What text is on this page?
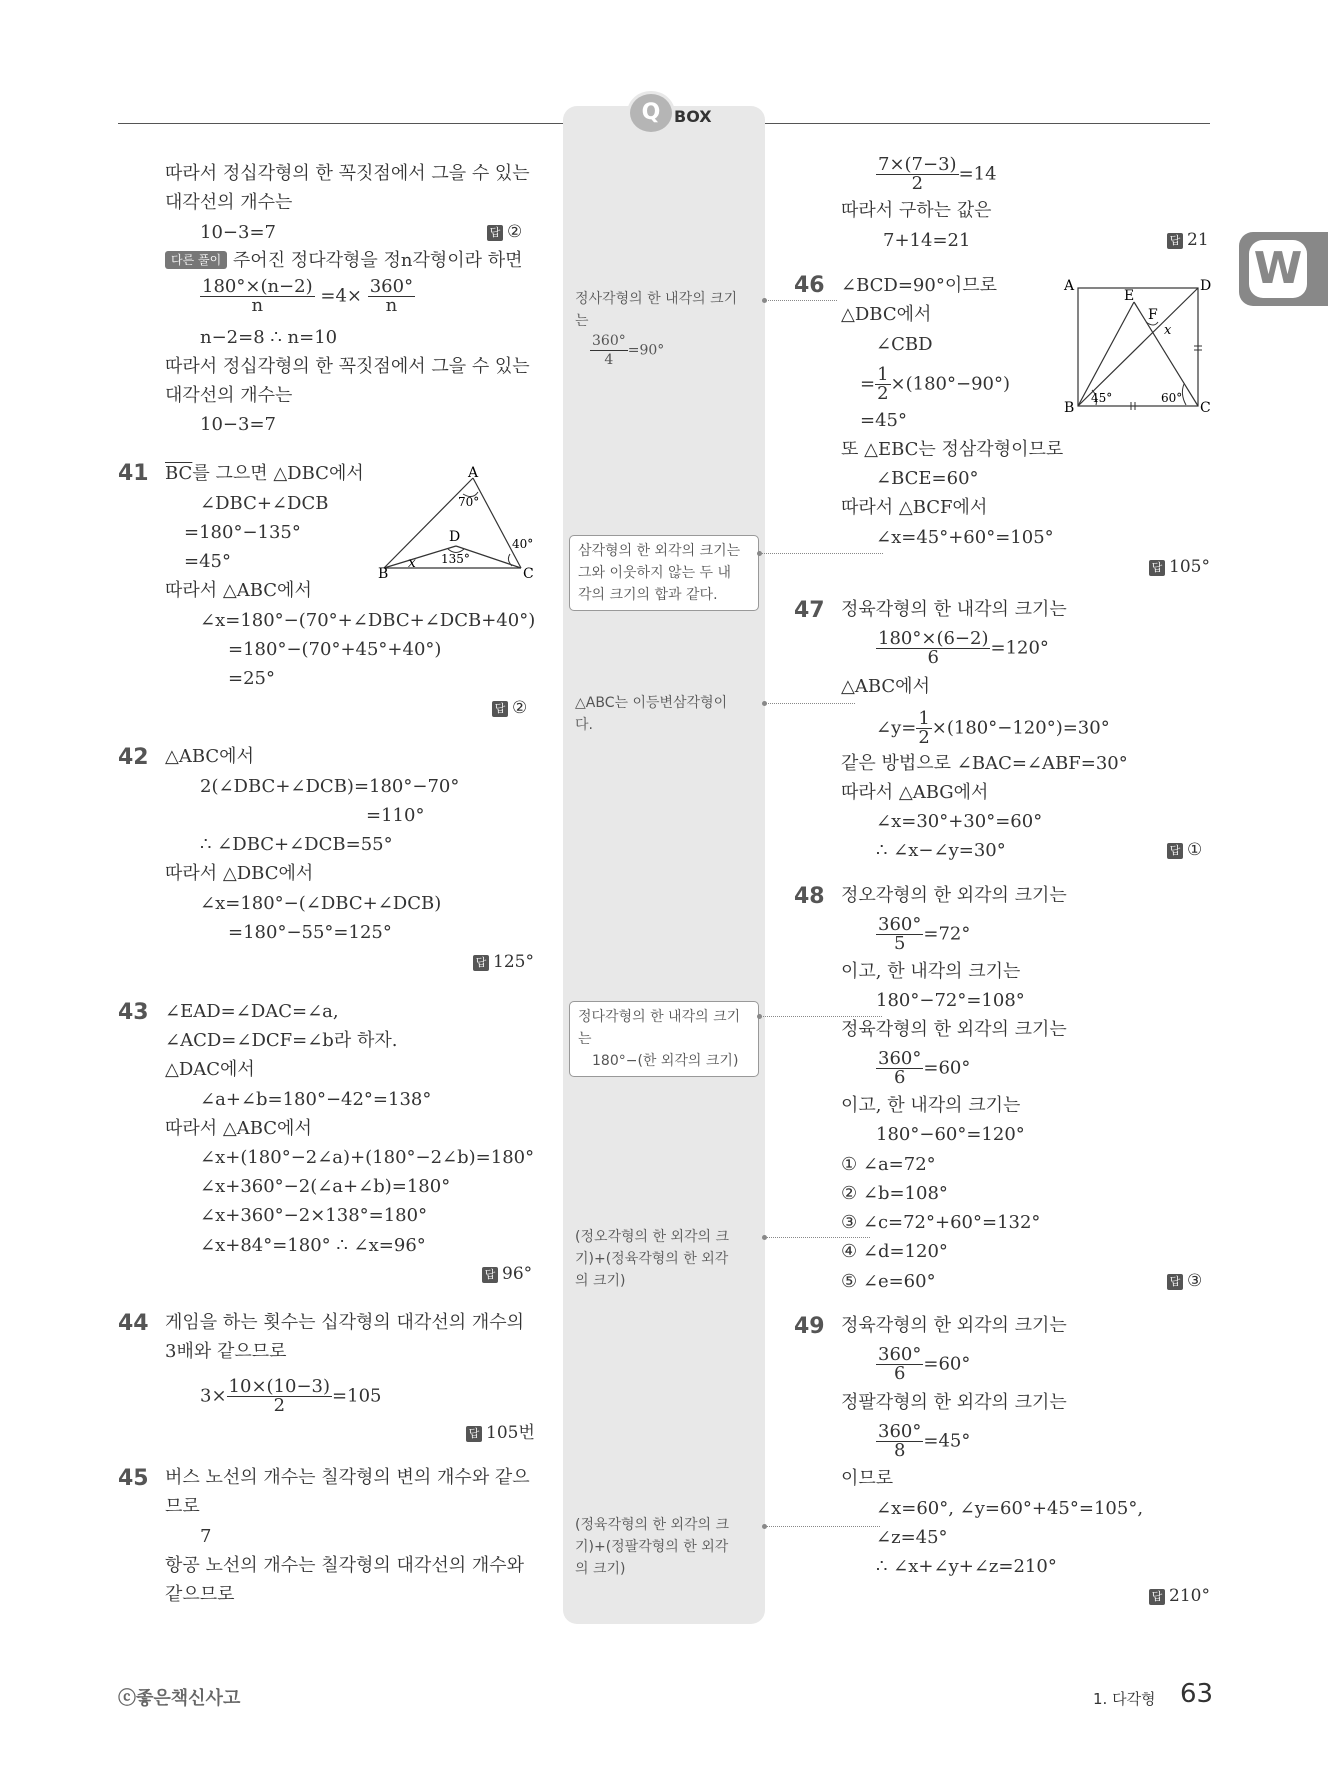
Q BOX
W
따라서 정십각형의 한 꼭짓점에서 그을 수 있는
대각선의 개수는
10−3=7	답 ②
다른 풀이 주어진 정다각형을 정n각형이라 하면
$\frac{180^\circ\times(n-2)}{n} =4\times \frac{360^\circ}{n}$
n−2=8 ∴ n=10
따라서 정십각형의 한 꼭짓점에서 그을 수 있는
대각선의 개수는
10−3=7
41 $\overline{BC}$를 그으면 △DBC에서
∠DBC+∠DCB
=180°−135°
=45°
따라서 △ABC에서
∠x=180°−(70°+∠DBC+∠DCB+40°)
=180°−(70°+45°+40°)
=25°
답 ②
A
B	C
D
x
70°
40°
135°
42 △ABC에서
2(∠DBC+∠DCB)=180°−70°
=110°
∴ ∠DBC+∠DCB=55°
따라서 △DBC에서
∠x=180°−(∠DBC+∠DCB)
=180°−55°=125°
답 125°
43 ∠EAD=∠DAC=∠a,
∠ACD=∠DCF=∠b라 하자.
△DAC에서
∠a+∠b=180°−42°=138°
따라서 △ABC에서
∠x+(180°−2∠a)+(180°−2∠b)=180°
∠x+360°−2(∠a+∠b)=180°
∠x+360°−2×138°=180°
∠x+84°=180° ∴ ∠x=96°
답 96°
44 게임을 하는 횟수는 십각형의 대각선의 개수의
3배와 같으므로
$3\times \frac{10\times(10-3)}{2} =105$
답 105번
45 버스 노선의 개수는 칠각형의 변의 개수와 같으
므로
7
항공 노선의 개수는 칠각형의 대각선의 개수와
같으므로
정사각형의 한 내각의 크기
는
$\frac{360^\circ}{4} =90^\circ$
삼각형의 한 외각의 크기는
그와 이웃하지 않는 두 내
각의 크기의 합과 같다.
△ABC는 이등변삼각형이
다.
정다각형의 한 내각의 크기
는
180°−(한 외각의 크기)
(정오각형의 한 외각의 크
기)+(정육각형의 한 외각
의 크기)
(정육각형의 한 외각의 크
기)+(정팔각형의 한 외각
의 크기)
$\frac{7\times(7-3)}{2} =14$
따라서 구하는 값은
7+14=21	답 21
46 ∠BCD=90°이므로
△DBC에서
∠CBD
= $\frac{1}{2} \times(180^\circ-90^\circ)$
=45°
또 △EBC는 정삼각형이므로
∠BCE=60°
따라서 △BCF에서
∠x=45°+60°=105°
답 105°
A
B	C
D
E
F
x
45°	60°
47 정육각형의 한 내각의 크기는
$\frac{180^\circ\times(6-2)}{6} =120^\circ$
△ABC에서
∠y= $\frac{1}{2} \times(180^\circ-120^\circ)=30^\circ$
같은 방법으로 ∠BAC=∠ABF=30°
따라서 △ABG에서
∠x=30°+30°=60°
∴ ∠x−∠y=30°	답 ①
48 정오각형의 한 외각의 크기는
$\frac{360^\circ}{5} =72^\circ$
이고, 한 내각의 크기는
180°−72°=108°
정육각형의 한 외각의 크기는
$\frac{360^\circ}{6} =60^\circ$
이고, 한 내각의 크기는
180°−60°=120°
① ∠a=72°
② ∠b=108°
③ ∠c=72°+60°=132°
④ ∠d=120°
⑤ ∠e=60°	답 ③
49 정육각형의 한 외각의 크기는
$\frac{360^\circ}{6} =60^\circ$
정팔각형의 한 외각의 크기는
$\frac{360^\circ}{8} =45^\circ$
이므로
∠x=60°, ∠y=60°+45°=105°,
∠z=45°
∴ ∠x+∠y+∠z=210°
답 210°
ⓒ좋은책신사고	1. 다각형 63
